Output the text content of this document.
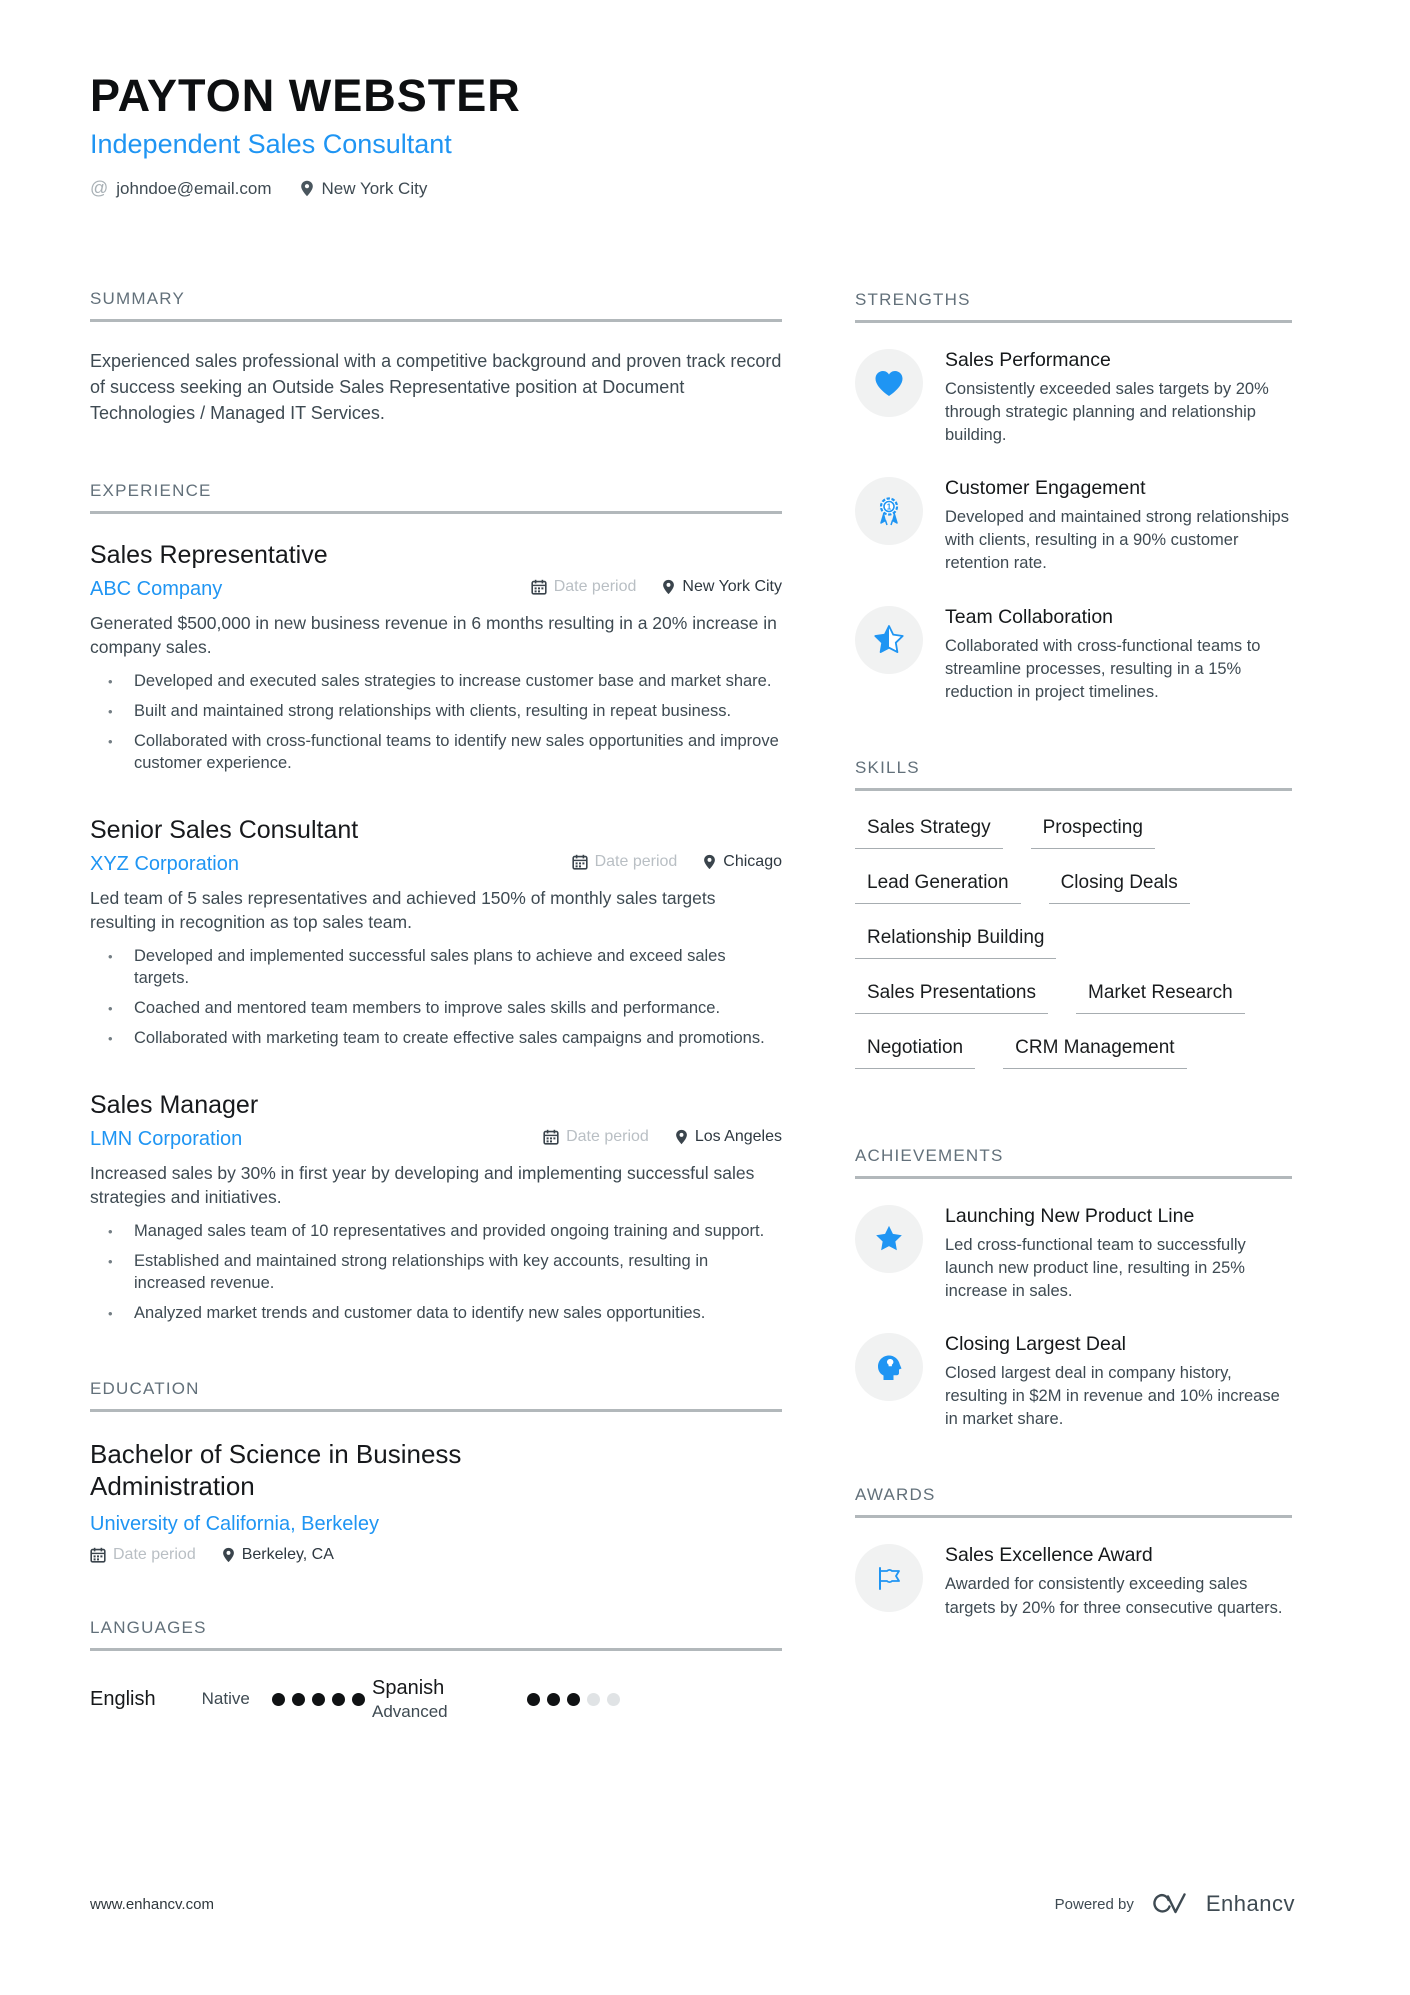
PAYTON WEBSTER
Independent Sales Consultant
@ johndoe@email.com	New York City
SUMMARY

Experienced sales professional with a competitive background and proven track record of success seeking an Outside Sales Representative position at Document Technologies / Managed IT Services.

EXPERIENCE
Sales Representative
ABC Company	Date period	New York City

Generated $500,000 in new business revenue in 6 months resulting in a 20% increase in company sales.

• Developed and executed sales strategies to increase customer base and market share.
• Built and maintained strong relationships with clients, resulting in repeat business.
• Collaborated with cross-functional teams to identify new sales opportunities and improve customer experience.
Senior Sales Consultant
XYZ Corporation	Date period	Chicago

Led team of 5 sales representatives and achieved 150% of monthly sales targets resulting in recognition as top sales team.

• Developed and implemented successful sales plans to achieve and exceed sales targets.
• Coached and mentored team members to improve sales skills and performance.
• Collaborated with marketing team to create effective sales campaigns and promotions.
Sales Manager
LMN Corporation	Date period	Los Angeles

Increased sales by 30% in first year by developing and implementing successful sales strategies and initiatives.

• Managed sales team of 10 representatives and provided ongoing training and support.
• Established and maintained strong relationships with key accounts, resulting in increased revenue.
• Analyzed market trends and customer data to identify new sales opportunities.
EDUCATION
Bachelor of Science in Business Administration
University of California, Berkeley
Date period	Berkeley, CA
LANGUAGES
English	Native	Spanish
Advanced
STRENGTHS
Sales Performance
Consistently exceeded sales targets by 20% through strategic planning and relationship building.
1
Customer Engagement
Developed and maintained strong relationships with clients, resulting in a 90% customer retention rate.
Team Collaboration
Collaborated with cross-functional teams to streamline processes, resulting in a 15% reduction in project timelines.
SKILLS
Sales Strategy	Prospecting
Lead Generation	Closing Deals
Relationship Building
Sales Presentations	Market Research
Negotiation	CRM Management
ACHIEVEMENTS
Launching New Product Line
Led cross-functional team to successfully launch new product line, resulting in 25% increase in sales.
Closing Largest Deal
Closed largest deal in company history, resulting in $2M in revenue and 10% increase in market share.
AWARDS
Sales Excellence Award
Awarded for consistently exceeding sales targets by 20% for three consecutive quarters.
www.enhancv.com	Powered by	Enhancv
